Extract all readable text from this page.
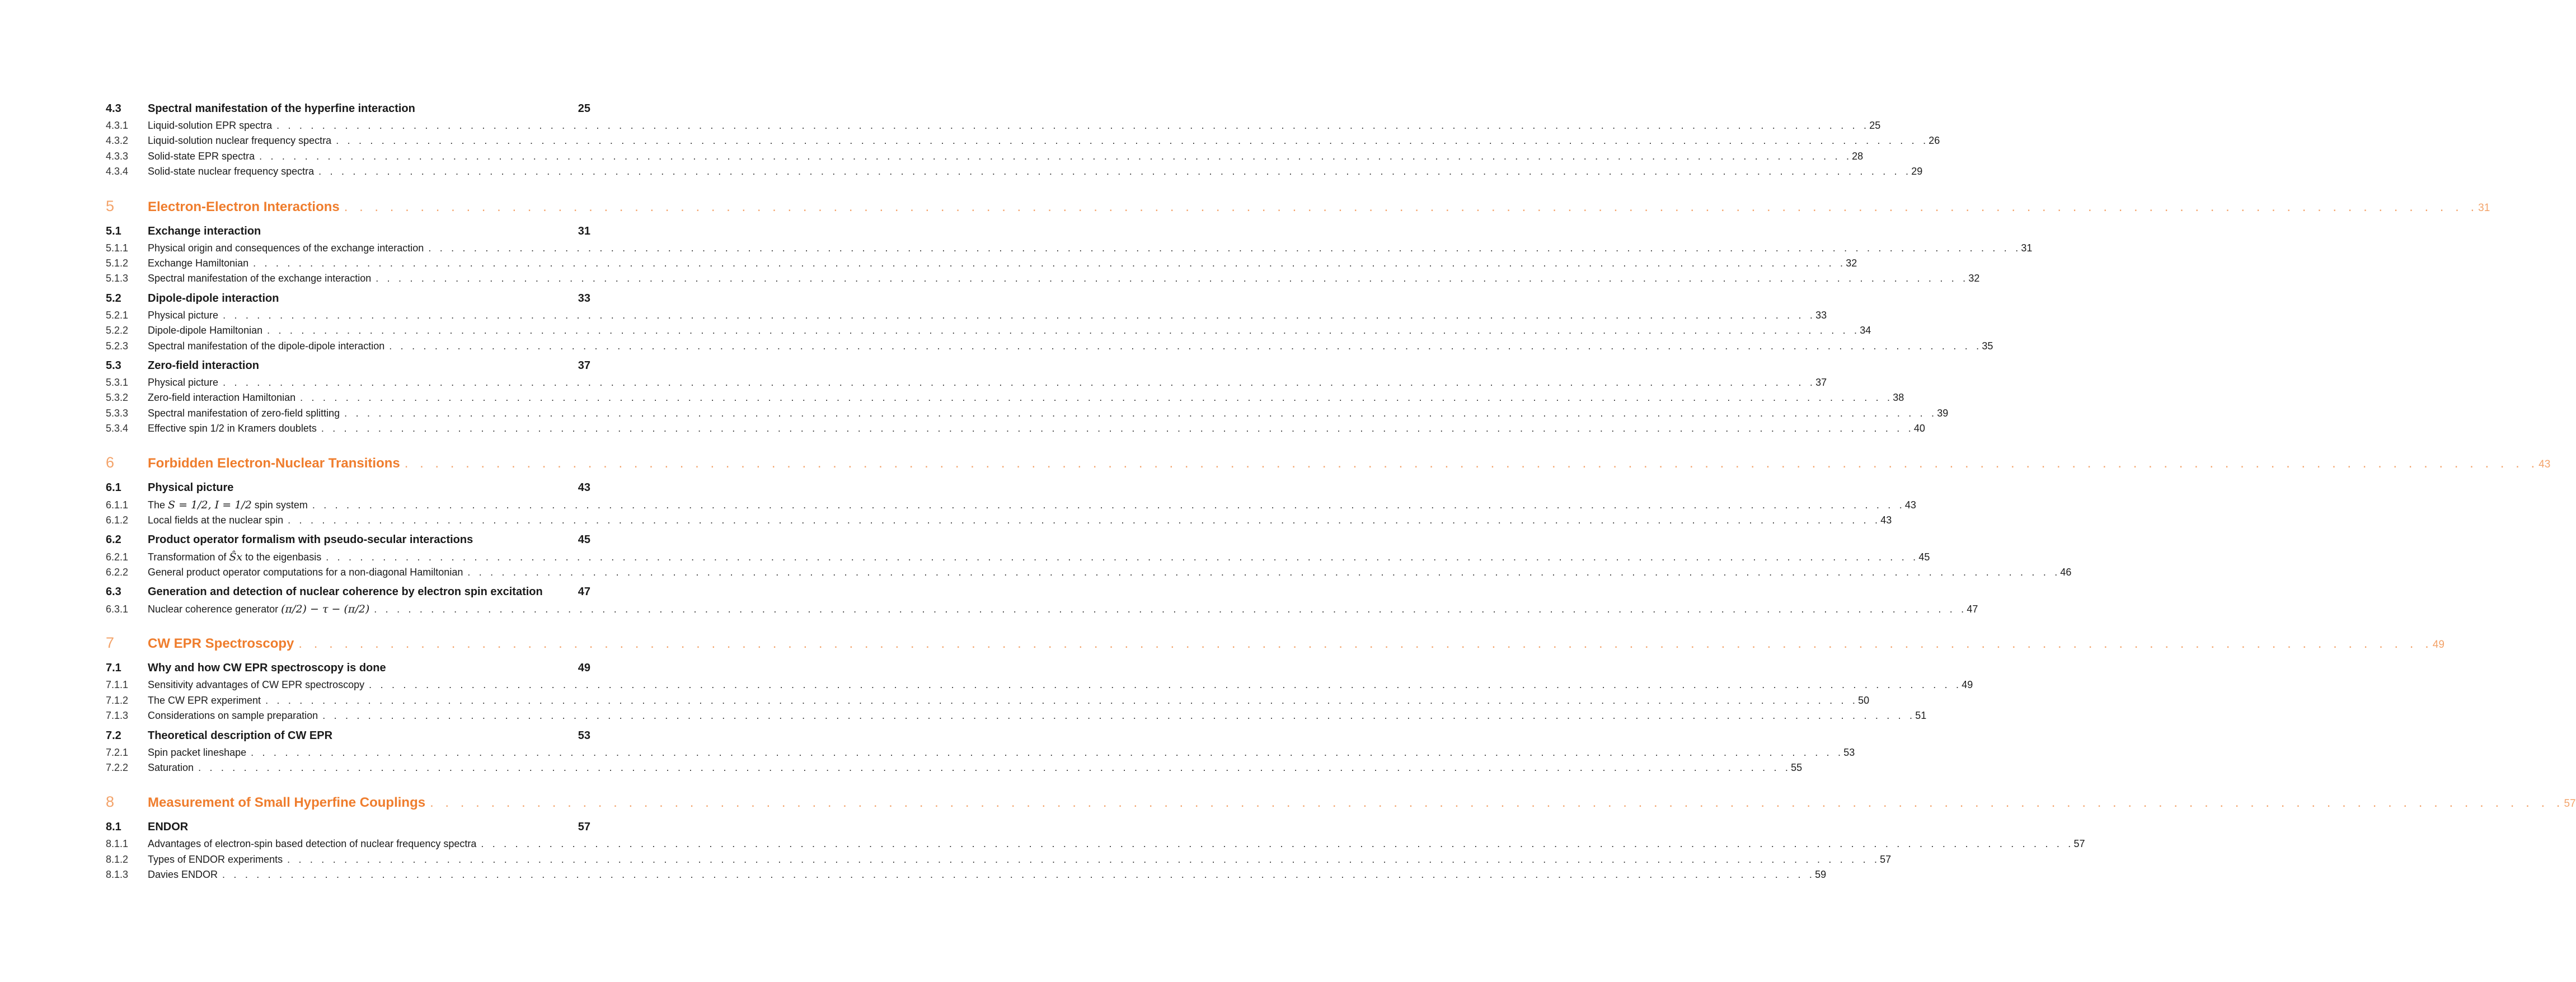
4.3	Spectral manifestation of the hyperfine interaction	25
4.3.1	Liquid-solution EPR spectra . . . . . . . . . . . . . . . . . . . . . . . . . . . . . . . . . . . . . . . . . . . . . . . . . . . . . . . . . . . . . . . . . . . . . . . . . . . . . . . . . . . . . . . . . . . . . . . . . . . . . . . . . . . . . . . . . . . . . . . . . . . . . . . . . . . . . . . . . . . . 25
4.3.2	Liquid-solution nuclear frequency spectra . . . . . . . . . . . . . . . . . . . . . . . . . . . . . . . . . . . . . . . . . . . . . . . . . . . . . . . . . . . . . . . . . . . . . . . . . . . . . . . . . . . . . . . . . . . . . . . . . . . . . . . . . . . . . . . . . . . . . . . . . . . . . . . . . . . . . . . . . . . . 26
4.3.3	Solid-state EPR spectra . . . . . . . . . . . . . . . . . . . . . . . . . . . . . . . . . . . . . . . . . . . . . . . . . . . . . . . . . . . . . . . . . . . . . . . . . . . . . . . . . . . . . . . . . . . . . . . . . . . . . . . . . . . . . . . . . . . . . . . . . . . . . . . . . . . . . . . . . . . . 28
4.3.4	Solid-state nuclear frequency spectra . . . . . . . . . . . . . . . . . . . . . . . . . . . . . . . . . . . . . . . . . . . . . . . . . . . . . . . . . . . . . . . . . . . . . . . . . . . . . . . . . . . . . . . . . . . . . . . . . . . . . . . . . . . . . . . . . . . . . . . . . . . . . . . . . . . . . . . . . . . . 29
5	Electron-Electron Interactions . . . . . . . . . . . . . . . . . . . . . . . . . . . . . . . . . . . . . . . . . . . . . . . . . . . . . . . . . . . . . . . . . . . . . . . . . . . . . . . . . . . . . . . . . . . . . . . . . . . . . . . . . . . . . . . . . . . . . . . . . . . . . . . . . . . . . . . . . . . . 31
5.1	Exchange interaction	31
5.1.1	Physical origin and consequences of the exchange interaction . . . . . . . . . . . . . . . . . . . . . . . . . . . . . . . . . . . . . . . . . . . . . . . . . . . . . . . . . . . . . . . . . . . . . . . . . . . . . . . . . . . . . . . . . . . . . . . . . . . . . . . . . . . . . . . . . . . . . . . . . . . . . . . . . . . . . . . . . . . . 31
5.1.2	Exchange Hamiltonian . . . . . . . . . . . . . . . . . . . . . . . . . . . . . . . . . . . . . . . . . . . . . . . . . . . . . . . . . . . . . . . . . . . . . . . . . . . . . . . . . . . . . . . . . . . . . . . . . . . . . . . . . . . . . . . . . . . . . . . . . . . . . . . . . . . . . . . . . . . . 32
5.1.3	Spectral manifestation of the exchange interaction . . . . . . . . . . . . . . . . . . . . . . . . . . . . . . . . . . . . . . . . . . . . . . . . . . . . . . . . . . . . . . . . . . . . . . . . . . . . . . . . . . . . . . . . . . . . . . . . . . . . . . . . . . . . . . . . . . . . . . . . . . . . . . . . . . . . . . . . . . . . 32
5.2	Dipole-dipole interaction	33
5.2.1	Physical picture . . . . . . . . . . . . . . . . . . . . . . . . . . . . . . . . . . . . . . . . . . . . . . . . . . . . . . . . . . . . . . . . . . . . . . . . . . . . . . . . . . . . . . . . . . . . . . . . . . . . . . . . . . . . . . . . . . . . . . . . . . . . . . . . . . . . . . . . . . . . 33
5.2.2	Dipole-dipole Hamiltonian . . . . . . . . . . . . . . . . . . . . . . . . . . . . . . . . . . . . . . . . . . . . . . . . . . . . . . . . . . . . . . . . . . . . . . . . . . . . . . . . . . . . . . . . . . . . . . . . . . . . . . . . . . . . . . . . . . . . . . . . . . . . . . . . . . . . . . . . . . . . 34
5.2.3	Spectral manifestation of the dipole-dipole interaction . . . . . . . . . . . . . . . . . . . . . . . . . . . . . . . . . . . . . . . . . . . . . . . . . . . . . . . . . . . . . . . . . . . . . . . . . . . . . . . . . . . . . . . . . . . . . . . . . . . . . . . . . . . . . . . . . . . . . . . . . . . . . . . . . . . . . . . . . . . . 35
5.3	Zero-field interaction	37
5.3.1	Physical picture . . . . . . . . . . . . . . . . . . . . . . . . . . . . . . . . . . . . . . . . . . . . . . . . . . . . . . . . . . . . . . . . . . . . . . . . . . . . . . . . . . . . . . . . . . . . . . . . . . . . . . . . . . . . . . . . . . . . . . . . . . . . . . . . . . . . . . . . . . . . 37
5.3.2	Zero-field interaction Hamiltonian . . . . . . . . . . . . . . . . . . . . . . . . . . . . . . . . . . . . . . . . . . . . . . . . . . . . . . . . . . . . . . . . . . . . . . . . . . . . . . . . . . . . . . . . . . . . . . . . . . . . . . . . . . . . . . . . . . . . . . . . . . . . . . . . . . . . . . . . . . . . 38
5.3.3	Spectral manifestation of zero-field splitting . . . . . . . . . . . . . . . . . . . . . . . . . . . . . . . . . . . . . . . . . . . . . . . . . . . . . . . . . . . . . . . . . . . . . . . . . . . . . . . . . . . . . . . . . . . . . . . . . . . . . . . . . . . . . . . . . . . . . . . . . . . . . . . . . . . . . . . . . . . . 39
5.3.4	Effective spin 1/2 in Kramers doublets . . . . . . . . . . . . . . . . . . . . . . . . . . . . . . . . . . . . . . . . . . . . . . . . . . . . . . . . . . . . . . . . . . . . . . . . . . . . . . . . . . . . . . . . . . . . . . . . . . . . . . . . . . . . . . . . . . . . . . . . . . . . . . . . . . . . . . . . . . . . 40
6	Forbidden Electron-Nuclear Transitions . . . . . . . . . . . . . . . . . . . . . . . . . . . . . . . . . . . . . . . . . . . . . . . . . . . . . . . . . . . . . . . . . . . . . . . . . . . . . . . . . . . . . . . . . . . . . . . . . . . . . . . . . . . . . . . . . . . . . . . . . . . . . . . . . . . . . . . . . . . . 43
6.1	Physical picture	43
6.1.1	The S = 1/2, I = 1/2 spin system . . . . . . . . . . . . . . . . . . . . . . . . . . . . . . . . . . . . . . . . . . . . . . . . . . . . . . . . . . . . . . . . . . . . . . . . . . . . . . . . . . . . . . . . . . . . . . . . . . . . . . . . . . . . . . . . . . . . . . . . . . . . . . . . . . . . . . . . . . . . 43
6.1.2	Local fields at the nuclear spin . . . . . . . . . . . . . . . . . . . . . . . . . . . . . . . . . . . . . . . . . . . . . . . . . . . . . . . . . . . . . . . . . . . . . . . . . . . . . . . . . . . . . . . . . . . . . . . . . . . . . . . . . . . . . . . . . . . . . . . . . . . . . . . . . . . . . . . . . . . . 43
6.2	Product operator formalism with pseudo-secular interactions	45
6.2.1	Transformation of Ŝx to the eigenbasis . . . . . . . . . . . . . . . . . . . . . . . . . . . . . . . . . . . . . . . . . . . . . . . . . . . . . . . . . . . . . . . . . . . . . . . . . . . . . . . . . . . . . . . . . . . . . . . . . . . . . . . . . . . . . . . . . . . . . . . . . . . . . . . . . . . . . . . . . . . . 45
6.2.2	General product operator computations for a non-diagonal Hamiltonian . . . . . . . . . . . . . . . . . . . . . . . . . . . . . . . . . . . . . . . . . . . . . . . . . . . . . . . . . . . . . . . . . . . . . . . . . . . . . . . . . . . . . . . . . . . . . . . . . . . . . . . . . . . . . . . . . . . . . . . . . . . . . . . . . . . . . . . . . . . . 46
6.3	Generation and detection of nuclear coherence by electron spin excitation	47
6.3.1	Nuclear coherence generator (π/2) − τ − (π/2) . . . . . . . . . . . . . . . . . . . . . . . . . . . . . . . . . . . . . . . . . . . . . . . . . . . . . . . . . . . . . . . . . . . . . . . . . . . . . . . . . . . . . . . . . . . . . . . . . . . . . . . . . . . . . . . . . . . . . . . . . . . . . . . . . . . . . . . . . . . . 47
7	CW EPR Spectroscopy . . . . . . . . . . . . . . . . . . . . . . . . . . . . . . . . . . . . . . . . . . . . . . . . . . . . . . . . . . . . . . . . . . . . . . . . . . . . . . . . . . . . . . . . . . . . . . . . . . . . . . . . . . . . . . . . . . . . . . . . . . . . . . . . . . . . . . . . . . . . 49
7.1	Why and how CW EPR spectroscopy is done	49
7.1.1	Sensitivity advantages of CW EPR spectroscopy . . . . . . . . . . . . . . . . . . . . . . . . . . . . . . . . . . . . . . . . . . . . . . . . . . . . . . . . . . . . . . . . . . . . . . . . . . . . . . . . . . . . . . . . . . . . . . . . . . . . . . . . . . . . . . . . . . . . . . . . . . . . . . . . . . . . . . . . . . . . 49
7.1.2	The CW EPR experiment . . . . . . . . . . . . . . . . . . . . . . . . . . . . . . . . . . . . . . . . . . . . . . . . . . . . . . . . . . . . . . . . . . . . . . . . . . . . . . . . . . . . . . . . . . . . . . . . . . . . . . . . . . . . . . . . . . . . . . . . . . . . . . . . . . . . . . . . . . . . 50
7.1.3	Considerations on sample preparation . . . . . . . . . . . . . . . . . . . . . . . . . . . . . . . . . . . . . . . . . . . . . . . . . . . . . . . . . . . . . . . . . . . . . . . . . . . . . . . . . . . . . . . . . . . . . . . . . . . . . . . . . . . . . . . . . . . . . . . . . . . . . . . . . . . . . . . . . . . . 51
7.2	Theoretical description of CW EPR	53
7.2.1	Spin packet lineshape . . . . . . . . . . . . . . . . . . . . . . . . . . . . . . . . . . . . . . . . . . . . . . . . . . . . . . . . . . . . . . . . . . . . . . . . . . . . . . . . . . . . . . . . . . . . . . . . . . . . . . . . . . . . . . . . . . . . . . . . . . . . . . . . . . . . . . . . . . . . 53
7.2.2	Saturation . . . . . . . . . . . . . . . . . . . . . . . . . . . . . . . . . . . . . . . . . . . . . . . . . . . . . . . . . . . . . . . . . . . . . . . . . . . . . . . . . . . . . . . . . . . . . . . . . . . . . . . . . . . . . . . . . . . . . . . . . . . . . . . . . . . . . . . . . . . . 55
8	Measurement of Small Hyperfine Couplings . . . . . . . . . . . . . . . . . . . . . . . . . . . . . . . . . . . . . . . . . . . . . . . . . . . . . . . . . . . . . . . . . . . . . . . . . . . . . . . . . . . . . . . . . . . . . . . . . . . . . . . . . . . . . . . . . . . . . . . . . . . . . . . . . . . . . . . . . . . . 57
8.1	ENDOR	57
8.1.1	Advantages of electron-spin based detection of nuclear frequency spectra . . . . . . . . . . . . . . . . . . . . . . . . . . . . . . . . . . . . . . . . . . . . . . . . . . . . . . . . . . . . . . . . . . . . . . . . . . . . . . . . . . . . . . . . . . . . . . . . . . . . . . . . . . . . . . . . . . . . . . . . . . . . . . . . . . . . . . . . . . . . 57
8.1.2	Types of ENDOR experiments . . . . . . . . . . . . . . . . . . . . . . . . . . . . . . . . . . . . . . . . . . . . . . . . . . . . . . . . . . . . . . . . . . . . . . . . . . . . . . . . . . . . . . . . . . . . . . . . . . . . . . . . . . . . . . . . . . . . . . . . . . . . . . . . . . . . . . . . . . . . 57
8.1.3	Davies ENDOR . . . . . . . . . . . . . . . . . . . . . . . . . . . . . . . . . . . . . . . . . . . . . . . . . . . . . . . . . . . . . . . . . . . . . . . . . . . . . . . . . . . . . . . . . . . . . . . . . . . . . . . . . . . . . . . . . . . . . . . . . . . . . . . . . . . . . . . . . . . . 59
